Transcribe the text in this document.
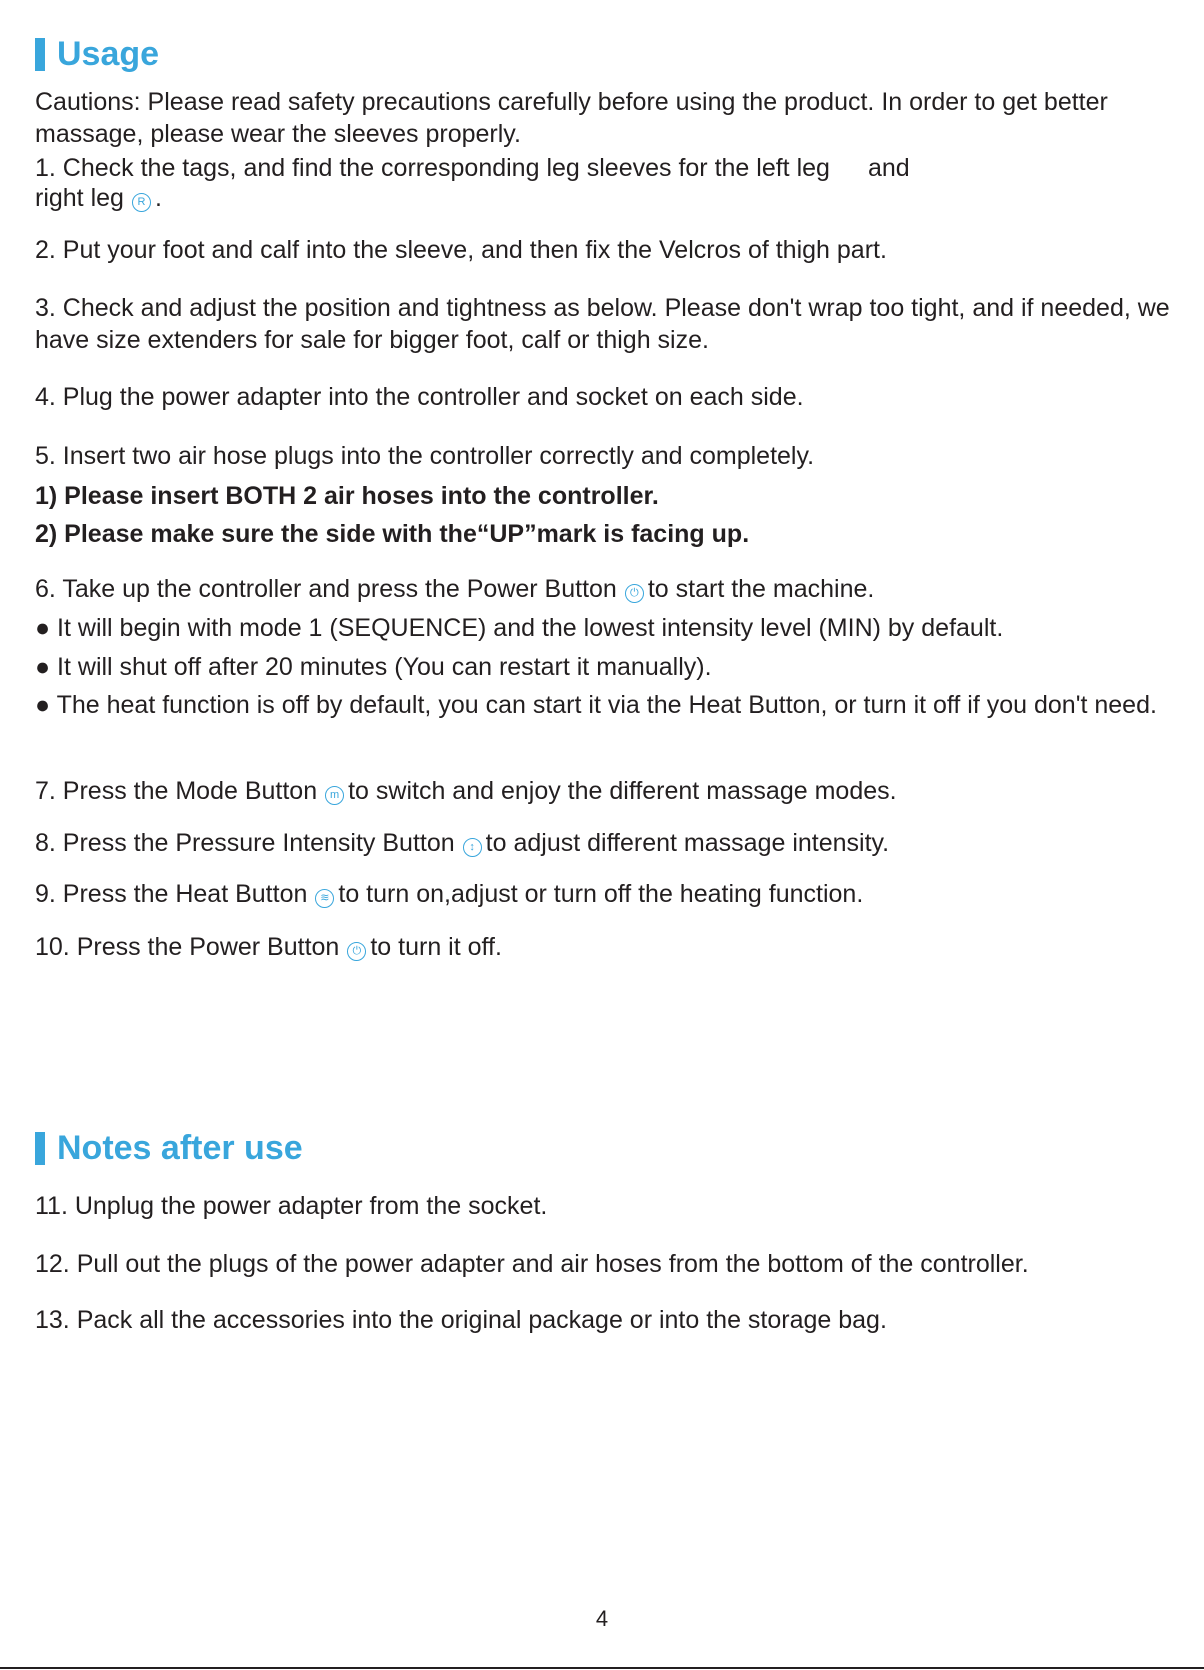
Usage
Cautions: Please read safety precautions carefully before using the product. In order to get better massage, please wear the sleeves properly.
1. Check the tags, and find the corresponding leg sleeves for the left leg and
right leg R .
2. Put your foot and calf into the sleeve, and then fix the Velcros of thigh part.
3. Check and adjust the position and tightness as below. Please don't wrap too tight, and if needed, we have size extenders for sale for bigger foot, calf or thigh size.
4. Plug the power adapter into the controller and socket on each side.
5. Insert two air hose plugs into the controller correctly and completely.
1) Please insert BOTH 2 air hoses into the controller.
2) Please make sure the side with the“UP”mark is facing up.
6. Take up the controller and press the Power Button ⏻ to start the machine.
● It will begin with mode 1 (SEQUENCE) and the lowest intensity level (MIN) by default.
● It will shut off after 20 minutes (You can restart it manually).
● The heat function is off by default, you can start it via the Heat Button, or turn it off if you don't need.
7. Press the Mode Button m to switch and enjoy the different massage modes.
8. Press the Pressure Intensity Button ↕ to adjust different massage intensity.
9. Press the Heat Button ≋ to turn on,adjust or turn off the heating function.
10. Press the Power Button ⏻ to turn it off.
Notes after use
11. Unplug the power adapter from the socket.
12. Pull out the plugs of the power adapter and air hoses from the bottom of the controller.
13. Pack all the accessories into the original package or into the storage bag.
4
